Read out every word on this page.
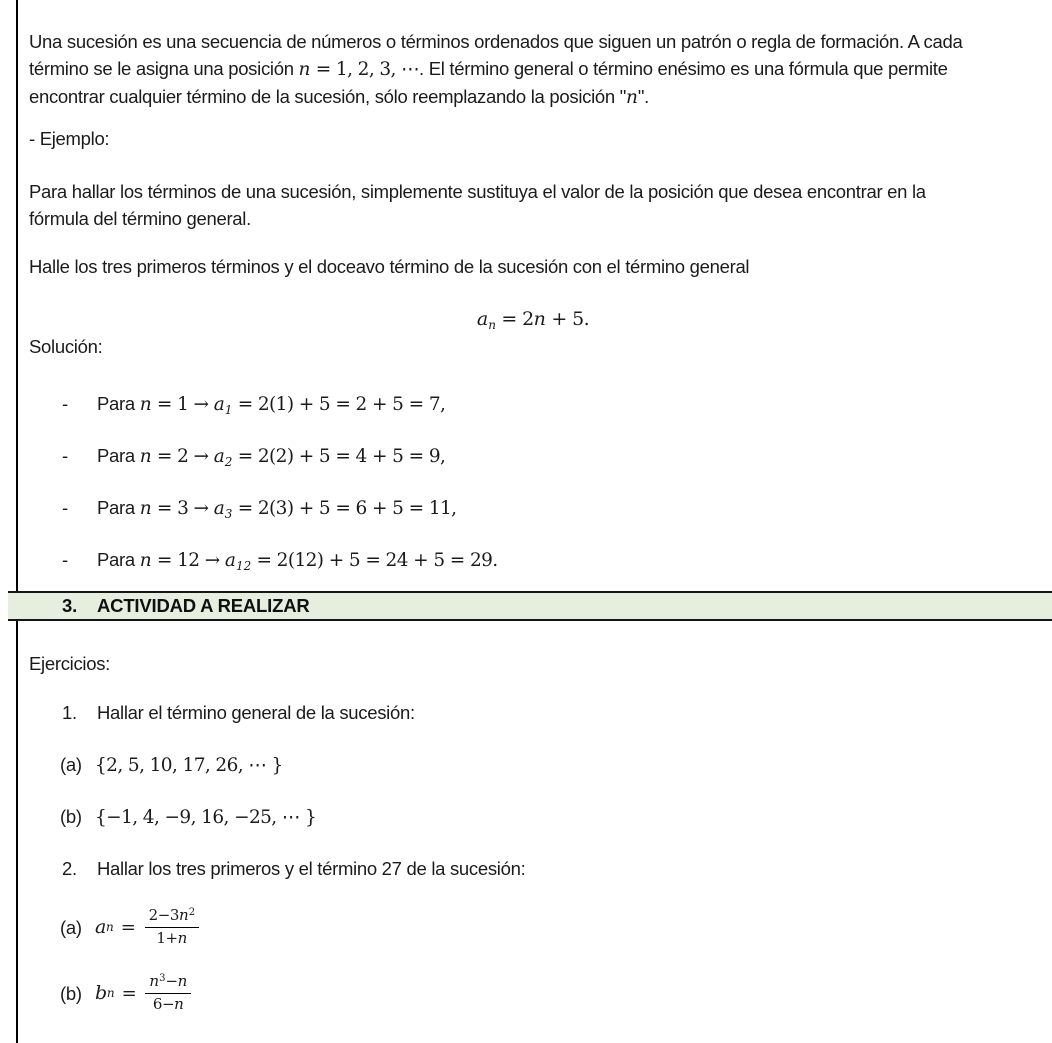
Una sucesión es una secuencia de números o términos ordenados que siguen un patrón o regla de formación. A cada
término se le asigna una posición n = 1, 2, 3, ⋯. El término general o término enésimo es una fórmula que permite
encontrar cualquier término de la sucesión, sólo reemplazando la posición "n".
- Ejemplo:
Para hallar los términos de una sucesión, simplemente sustituya el valor de la posición que desea encontrar en la
fórmula del término general.
Halle los tres primeros términos y el doceavo término de la sucesión con el término general
$a_n = 2n + 5$.
Solución:
- Para $n = 1 \to a_1 = 2(1) + 5 = 2 + 5 = 7$,
- Para $n = 2 \to a_2 = 2(2) + 5 = 4 + 5 = 9$,
- Para $n = 3 \to a_3 = 2(3) + 5 = 6 + 5 = 11$,
- Para $n = 12 \to a_{12} = 2(12) + 5 = 24 + 5 = 29$.
3. ACTIVIDAD A REALIZAR
Ejercicios:
1. Hallar el término general de la sucesión:
(a) {2, 5, 10, 17, 26, ⋯ }
(b) {−1, 4, −9, 16, −25, ⋯ }
2. Hallar los tres primeros y el término 27 de la sucesión:
(a) a $n = \frac{2-3n^2}{1+n}$
(b) b $n = \frac{n^3-n}{6-n}$
